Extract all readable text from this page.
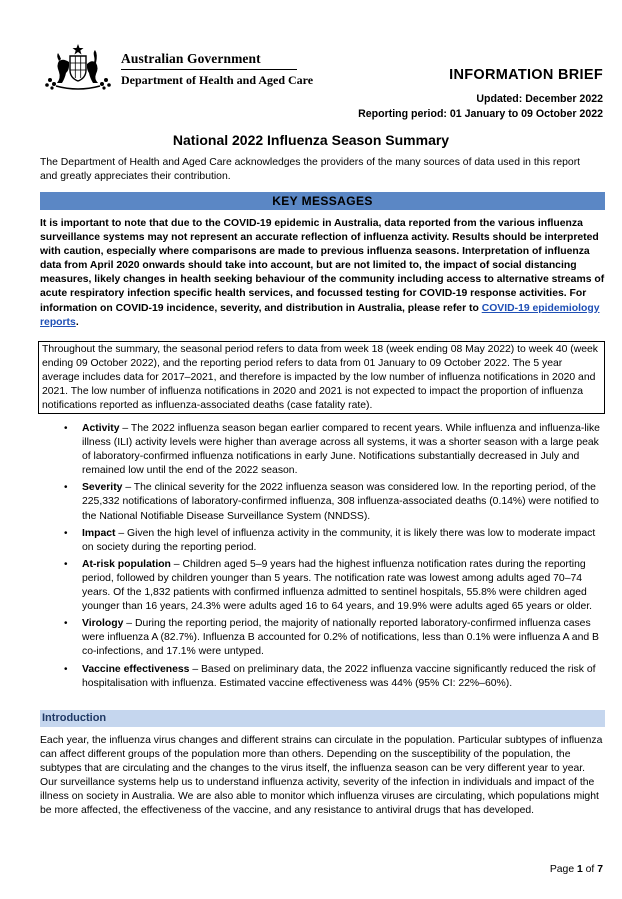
Australian Government
Department of Health and Aged Care	INFORMATION BRIEF
Updated: December 2022
Reporting period: 01 January to 09 October 2022
National 2022 Influenza Season Summary
The Department of Health and Aged Care acknowledges the providers of the many sources of data used in this report and greatly appreciates their contribution.
KEY MESSAGES
It is important to note that due to the COVID-19 epidemic in Australia, data reported from the various influenza surveillance systems may not represent an accurate reflection of influenza activity. Results should be interpreted with caution, especially where comparisons are made to previous influenza seasons. Interpretation of influenza data from April 2020 onwards should take into account, but are not limited to, the impact of social distancing measures, likely changes in health seeking behaviour of the community including access to alternative streams of acute respiratory infection specific health services, and focussed testing for COVID-19 response activities. For information on COVID-19 incidence, severity, and distribution in Australia, please refer to COVID-19 epidemiology reports.
Throughout the summary, the seasonal period refers to data from week 18 (week ending 08 May 2022) to week 40 (week ending 09 October 2022), and the reporting period refers to data from 01 January to 09 October 2022. The 5 year average includes data for 2017–2021, and therefore is impacted by the low number of influenza notifications in 2020 and 2021. The low number of influenza notifications in 2020 and 2021 is not expected to impact the proportion of influenza notifications reported as influenza-associated deaths (case fatality rate).
• Activity – The 2022 influenza season began earlier compared to recent years. While influenza and influenza-like illness (ILI) activity levels were higher than average across all systems, it was a shorter season with a large peak of laboratory-confirmed influenza notifications in early June. Notifications substantially decreased in July and remained low until the end of the 2022 season.
• Severity – The clinical severity for the 2022 influenza season was considered low. In the reporting period, of the 225,332 notifications of laboratory-confirmed influenza, 308 influenza-associated deaths (0.14%) were notified to the National Notifiable Disease Surveillance System (NNDSS).
• Impact – Given the high level of influenza activity in the community, it is likely there was low to moderate impact on society during the reporting period.
• At-risk population – Children aged 5–9 years had the highest influenza notification rates during the reporting period, followed by children younger than 5 years. The notification rate was lowest among adults aged 70–74 years. Of the 1,832 patients with confirmed influenza admitted to sentinel hospitals, 55.8% were children aged younger than 16 years, 24.3% were adults aged 16 to 64 years, and 19.9% were adults aged 65 years or older.
• Virology – During the reporting period, the majority of nationally reported laboratory-confirmed influenza cases were influenza A (82.7%). Influenza B accounted for 0.2% of notifications, less than 0.1% were influenza A and B co-infections, and 17.1% were untyped.
• Vaccine effectiveness – Based on preliminary data, the 2022 influenza vaccine significantly reduced the risk of hospitalisation with influenza. Estimated vaccine effectiveness was 44% (95% CI: 22%–60%).
Introduction
Each year, the influenza virus changes and different strains can circulate in the population. Particular subtypes of influenza can affect different groups of the population more than others. Depending on the susceptibility of the population, the subtypes that are circulating and the changes to the virus itself, the influenza season can be very different year to year. Our surveillance systems help us to understand influenza activity, severity of the infection in individuals and impact of the illness on society in Australia. We are also able to monitor which influenza viruses are circulating, which populations might be more affected, the effectiveness of the vaccine, and any resistance to antiviral drugs that has developed.
Page 1 of 7
